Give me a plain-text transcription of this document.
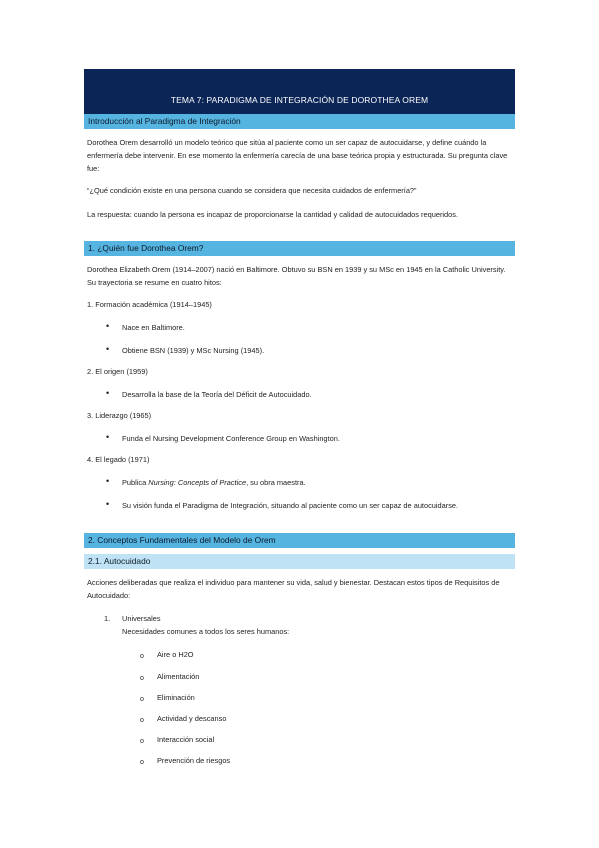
TEMA 7: PARADIGMA DE INTEGRACIÓN DE DOROTHEA OREM
Introducción al Paradigma de Integración
Dorothea Orem desarrolló un modelo teórico que sitúa al paciente como un ser capaz de autocuidarse, y define cuándo la enfermería debe intervenir. En ese momento la enfermería carecía de una base teórica propia y estructurada. Su pregunta clave fue:
“¿Qué condición existe en una persona cuando se considera que necesita cuidados de enfermería?”
La respuesta: cuando la persona es incapaz de proporcionarse la cantidad y calidad de autocuidados requeridos.
1. ¿Quién fue Dorothea Orem?
Dorothea Elizabeth Orem (1914–2007) nació en Baltimore. Obtuvo su BSN en 1939 y su MSc en 1945 en la Catholic University. Su trayectoria se resume en cuatro hitos:
1. Formación académica (1914–1945)
•
Nace en Baltimore.
•
Obtiene BSN (1939) y MSc Nursing (1945).
2. El origen (1959)
•
Desarrolla la base de la Teoría del Déficit de Autocuidado.
3. Liderazgo (1965)
•
Funda el Nursing Development Conference Group en Washington.
4. El legado (1971)
•
Publica Nursing: Concepts of Practice, su obra maestra.
•
Su visión funda el Paradigma de Integración, situando al paciente como un ser capaz de autocuidarse.
2. Conceptos Fundamentales del Modelo de Orem
2.1. Autocuidado
Acciones deliberadas que realiza el individuo para mantener su vida, salud y bienestar. Destacan estos tipos de Requisitos de Autocuidado:
1. Universales
Necesidades comunes a todos los seres humanos:
o
Aire o H2O
o
Alimentación
o
Eliminación
o
Actividad y descanso
o
Interacción social
o
Prevención de riesgos
